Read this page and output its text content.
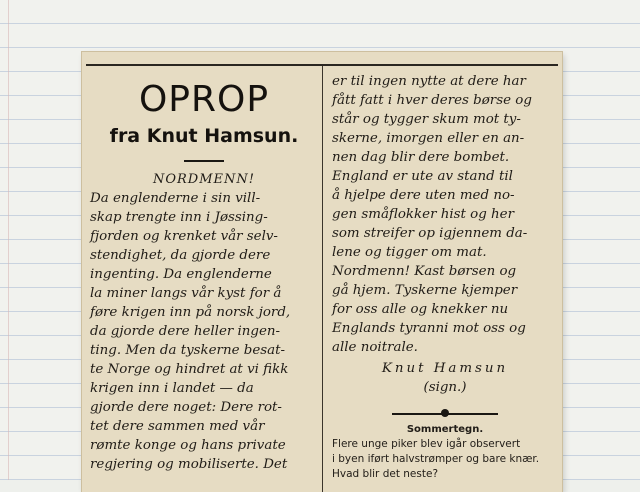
OPROP
fra Knut Hamsun.

NORDMENN!

Da englenderne i sin vill-
skap trengte inn i Jøssing-
fjorden og krenket vår selv-
stendighet, da gjorde dere
ingenting. Da englenderne
la miner langs vår kyst for å
føre krigen inn på norsk jord,
da gjorde dere heller ingen-
ting. Men da tyskerne besat-
te Norge og hindret at vi fikk
krigen inn i landet — da
gjorde dere noget: Dere rot-
tet dere sammen med vår
rømte konge og hans private
regjering og mobiliserte. Det

er til ingen nytte at dere har
fått fatt i hver deres børse og
står og tygger skum mot ty-
skerne, imorgen eller en an-
nen dag blir dere bombet.

England er ute av stand til
å hjelpe dere uten med no-
gen småflokker hist og her
som streifer op igjennem da-
lene og tigger om mat.

Nordmenn! Kast børsen og
gå hjem. Tyskerne kjemper
for oss alle og knekker nu
Englands tyranni mot oss og
alle noitrale.

Knut Hamsun

(sign.)

Sommertegn.

Flere unge piker blev igår observert
i byen iført halvstrømper og bare knær.
Hvad blir det neste?
